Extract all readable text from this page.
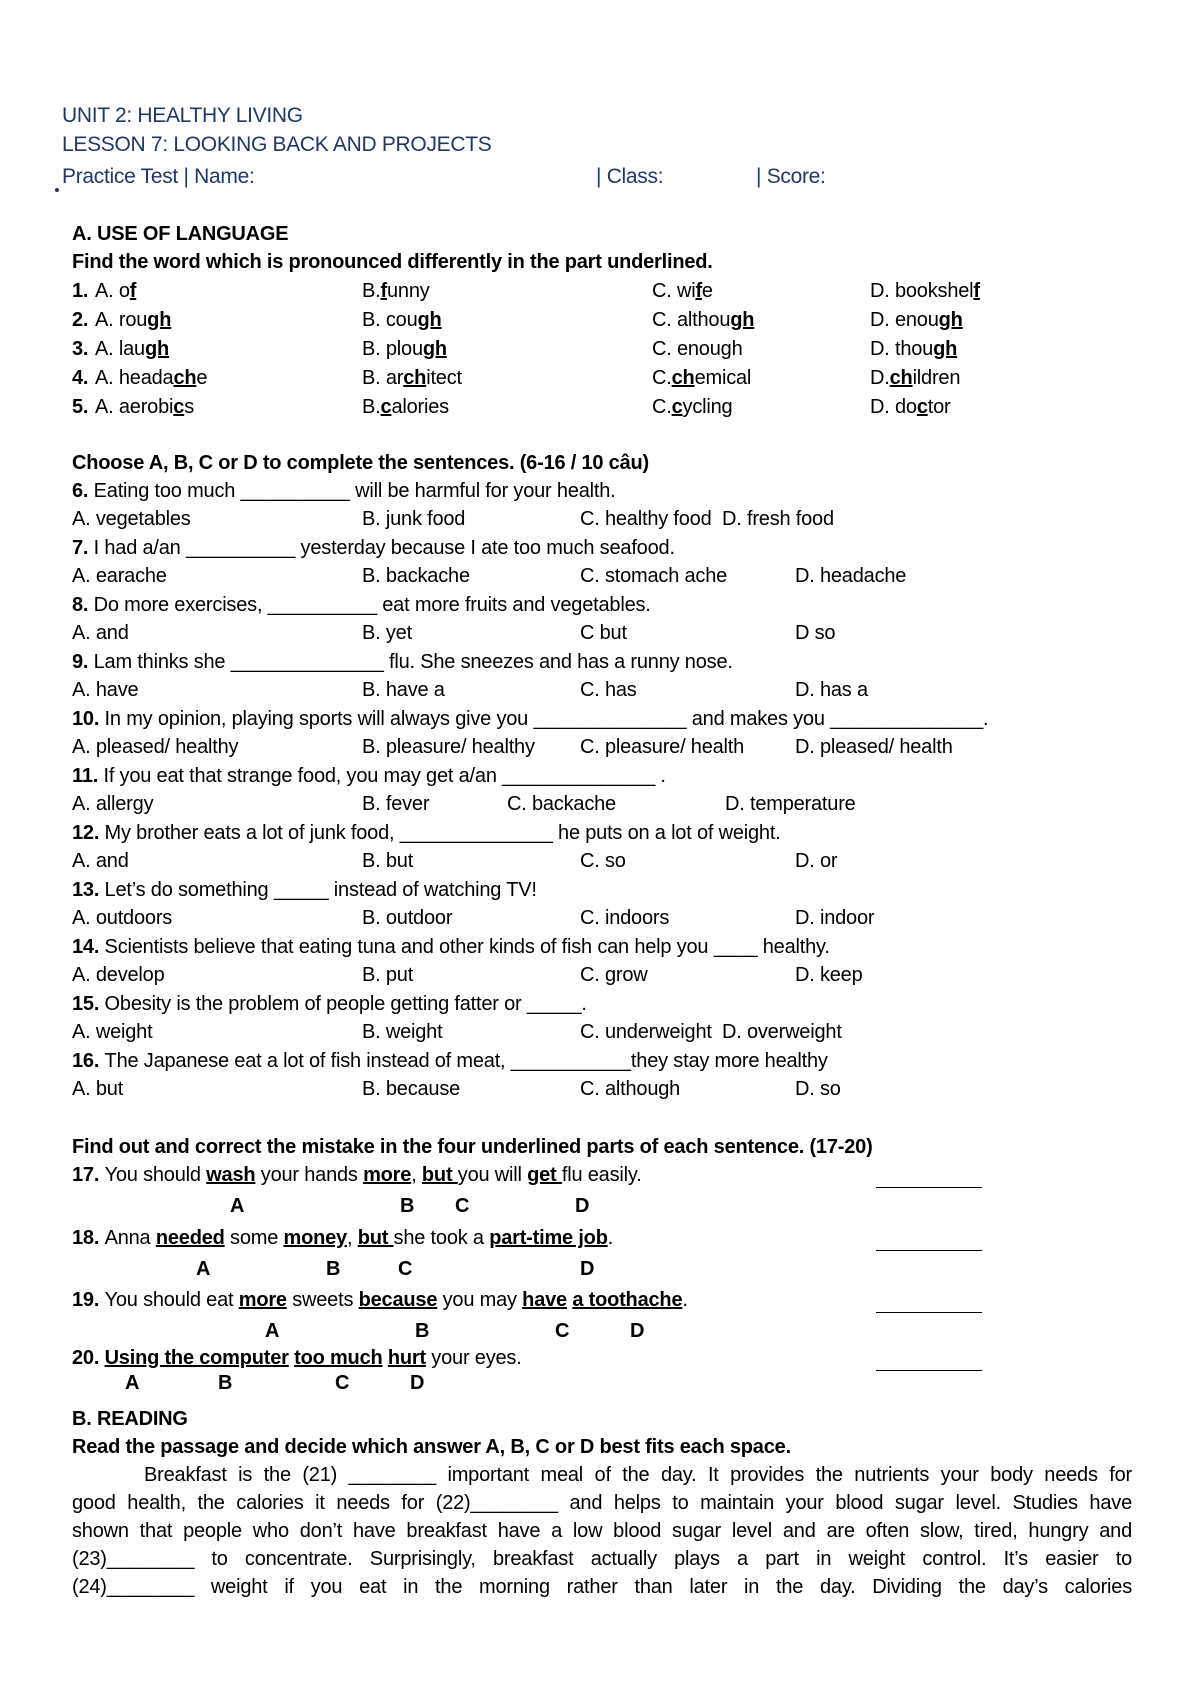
UNIT 2: HEALTHY LIVING
LESSON 7: LOOKING BACK AND PROJECTS
Practice Test | Name:	| Class:	| Score:
A. USE OF LANGUAGE
Find the word which is pronounced differently in the part underlined.
1. A. of	B.funny	C. wife	D. bookshelf
2. A. rough	B. cough	C. although	D. enough
3. A. laugh	B. plough	C. enough	D. though
4. A. headache	B. architect	C.chemical	D.children
5. A. aerobics	B.calories	C.cycling	D. doctor
Choose A, B, C or D to complete the sentences. (6-16 / 10 câu)
6. Eating too much __________ will be harmful for your health.
A. vegetables	B. junk food	C. healthy food D. fresh food
7. I had a/an __________ yesterday because I ate too much seafood.
A. earache	B. backache	C. stomach ache	D. headache
8. Do more exercises, __________ eat more fruits and vegetables.
A. and	B. yet	C but	D so
9. Lam thinks she ______________ flu. She sneezes and has a runny nose.
A. have	B. have a	C. has	D. has a
10. In my opinion, playing sports will always give you ______________ and makes you ______________.
A. pleased/ healthy	B. pleasure/ healthy C. pleasure/ health	D. pleased/ health
11. If you eat that strange food, you may get a/an ______________ .
A. allergy	B. fever	C. backache	D. temperature
12. My brother eats a lot of junk food, ______________ he puts on a lot of weight.
A. and	B. but	C. so	D. or
13. Let’s do something _____ instead of watching TV!
A. outdoors	B. outdoor	C. indoors	D. indoor
14. Scientists believe that eating tuna and other kinds of fish can help you ____ healthy.
A. develop	B. put	C. grow	D. keep
15. Obesity is the problem of people getting fatter or _____.
A. weight	B. weight	C. underweight D. overweight
16. The Japanese eat a lot of fish instead of meat, ___________they stay more healthy
A. but	B. because	C. although	D. so
Find out and correct the mistake in the four underlined parts of each sentence. (17-20)
17. You should wash your hands more, but you will get flu easily.
A	B C	D
18. Anna needed some money, but she took a part-time job.
A	B	C	D
19. You should eat more sweets because you may have a toothache.
A	B	C	D
20. Using the computer too much hurt your eyes.
A	B	C	D
B. READING
Read the passage and decide which answer A, B, C or D best fits each space.

Breakfast is the (21) ________ important meal of the day. It provides the nutrients your body needs for

good health, the calories it needs for (22)________ and helps to maintain your blood sugar level. Studies have

shown that people who don’t have breakfast have a low blood sugar level and are often slow, tired, hungry and

(23)________ to concentrate. Surprisingly, breakfast actually plays a part in weight control. It’s easier to

(24)________ weight if you eat in the morning rather than later in the day. Dividing the day’s calories
